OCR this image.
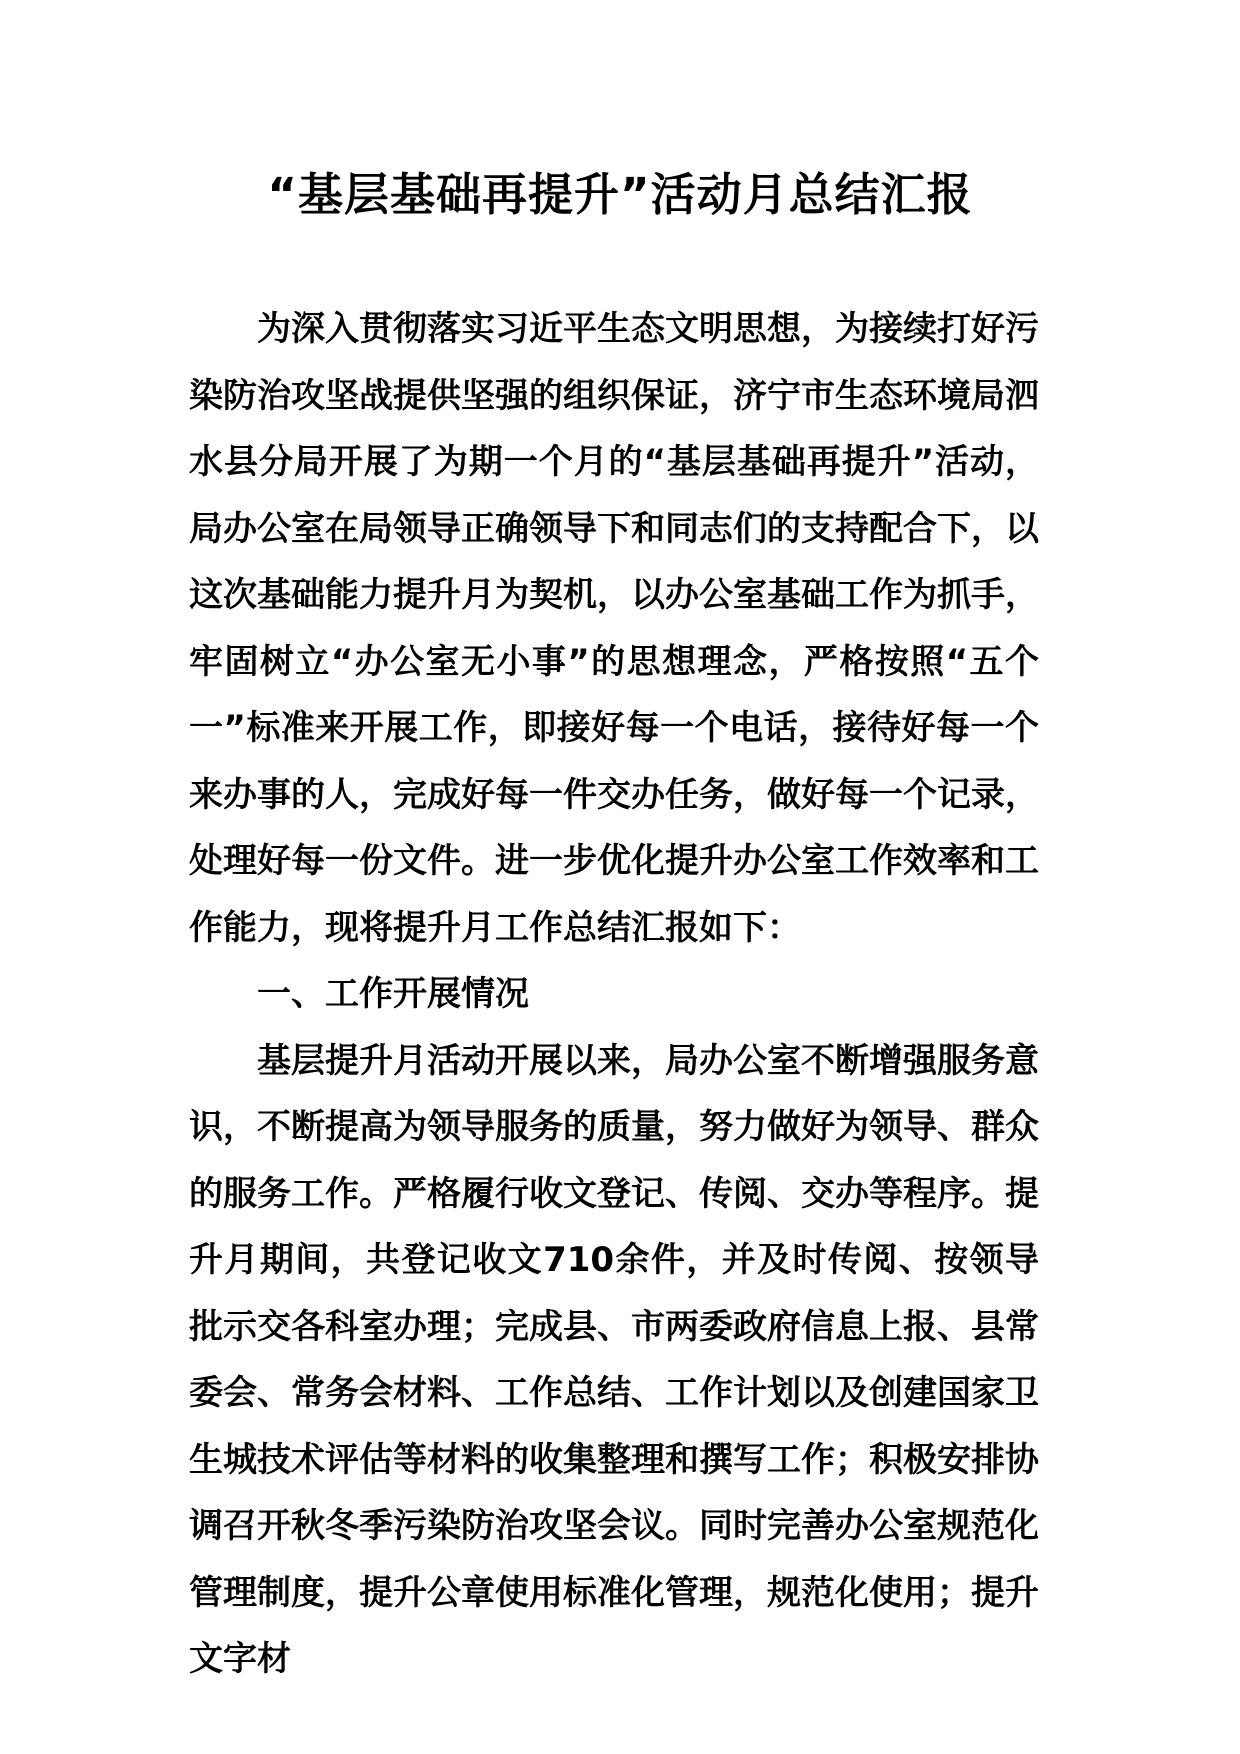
“基层基础再提升”活动月总结汇报

为深入贯彻落实习近平生态文明思想，为接续打好污染防治攻坚战提供坚强的组织保证，济宁市生态环境局泗水县分局开展了为期一个月的“基层基础再提升”活动，局办公室在局领导正确领导下和同志们的支持配合下，以这次基础能力提升月为契机，以办公室基础工作为抓手，牢固树立“办公室无小事”的思想理念，严格按照“五个一”标准来开展工作，即接好每一个电话，接待好每一个来办事的人，完成好每一件交办任务，做好每一个记录，处理好每一份文件。进一步优化提升办公室工作效率和工作能力，现将提升月工作总结汇报如下：

一、工作开展情况

基层提升月活动开展以来，局办公室不断增强服务意识，不断提高为领导服务的质量，努力做好为领导、群众的服务工作。严格履行收文登记、传阅、交办等程序。提升月期间，共登记收文710余件，并及时传阅、按领导批示交各科室办理；完成县、市两委政府信息上报、县常委会、常务会材料、工作总结、工作计划以及创建国家卫生城技术评估等材料的收集整理和撰写工作；积极安排协调召开秋冬季污染防治攻坚会议。同时完善办公室规范化管理制度，提升公章使用标准化管理，规范化使用；提升文字材
